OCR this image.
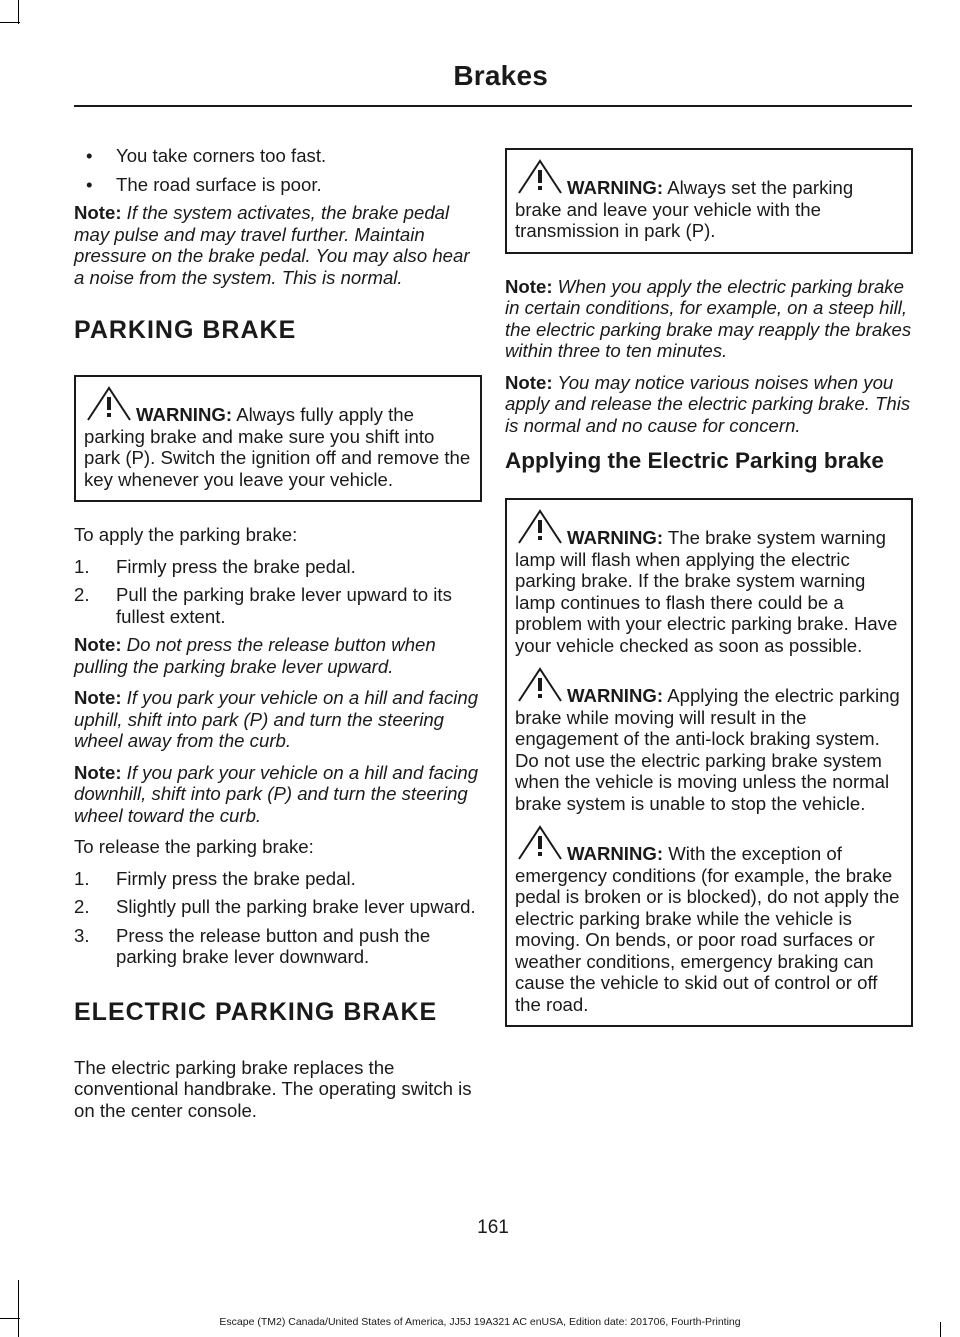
Brakes
• You take corners too fast.
• The road surface is poor.

Note: If the system activates, the brake pedal may pulse and may travel further. Maintain pressure on the brake pedal. You may also hear a noise from the system. This is normal.

PARKING BRAKE
WARNING: Always fully apply the parking brake and make sure you shift into park (P). Switch the ignition off and remove the key whenever you leave your vehicle.

To apply the parking brake:

1. Firmly press the brake pedal.
2. Pull the parking brake lever upward to its fullest extent.

Note: Do not press the release button when pulling the parking brake lever upward.

Note: If you park your vehicle on a hill and facing uphill, shift into park (P) and turn the steering wheel away from the curb.

Note: If you park your vehicle on a hill and facing downhill, shift into park (P) and turn the steering wheel toward the curb.

To release the parking brake:

1. Firmly press the brake pedal.
2. Slightly pull the parking brake lever upward.
3. Press the release button and push the parking brake lever downward.
ELECTRIC PARKING BRAKE

The electric parking brake replaces the conventional handbrake. The operating switch is on the center console.

WARNING: Always set the parking brake and leave your vehicle with the transmission in park (P).

Note: When you apply the electric parking brake in certain conditions, for example, on a steep hill, the electric parking brake may reapply the brakes within three to ten minutes.

Note: You may notice various noises when you apply and release the electric parking brake. This is normal and no cause for concern.

Applying the Electric Parking brake
WARNING: The brake system warning lamp will flash when applying the electric parking brake. If the brake system warning lamp continues to flash there could be a problem with your electric parking brake. Have your vehicle checked as soon as possible.
WARNING: Applying the electric parking brake while moving will result in the engagement of the anti-lock braking system. Do not use the electric parking brake system when the vehicle is moving unless the normal brake system is unable to stop the vehicle.
WARNING: With the exception of emergency conditions (for example, the brake pedal is broken or is blocked), do not apply the electric parking brake while the vehicle is moving. On bends, or poor road surfaces or weather conditions, emergency braking can cause the vehicle to skid out of control or off the road.
161
Escape (TM2) Canada/United States of America, JJ5J 19A321 AC enUSA, Edition date: 201706, Fourth-Printing
